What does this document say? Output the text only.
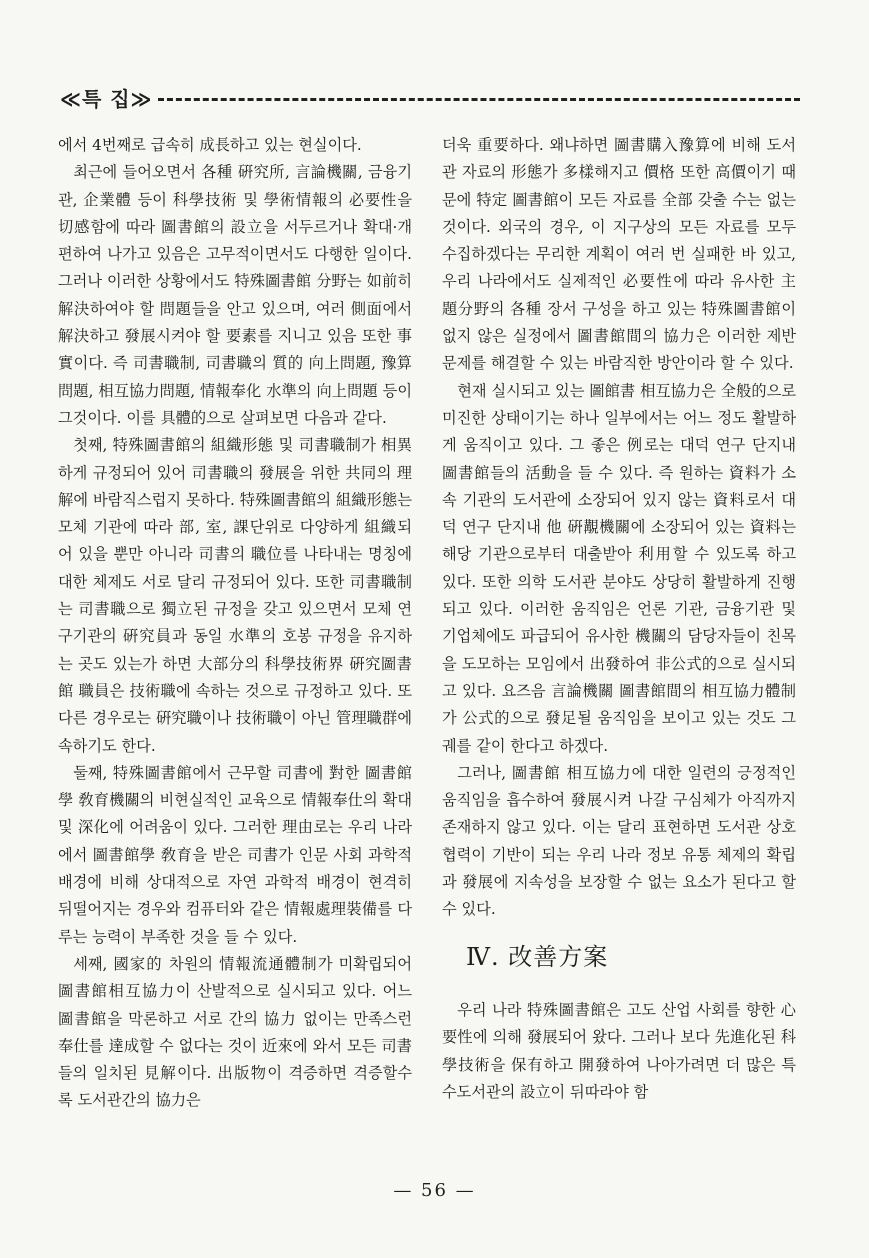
≪특 집≫

에서 4번째로 급속히 成長하고 있는 현실이다.

최근에 들어오면서 各種 硏究所, 言論機關, 금융기관, 企業體 등이 科學技術 및 學術情報의 必要性을 切感함에 따라 圖書館의 設立을 서두르거나 확대·개편하여 나가고 있음은 고무적이면서도 다행한 일이다. 그러나 이러한 상황에서도 特殊圖書館 分野는 如前히 解決하여야 할 問題들을 안고 있으며, 여러 側面에서 解決하고 發展시켜야 할 要素를 지니고 있음 또한 事實이다. 즉 司書職制, 司書職의 質的 向上問題, 豫算問題, 相互協力問題, 情報奉化 水準의 向上問題 등이 그것이다. 이를 具體的으로 살펴보면 다음과 같다.

첫째, 特殊圖書館의 組織形態 및 司書職制가 相異하게 규정되어 있어 司書職의 發展을 위한 共同의 理解에 바람직스럽지 못하다. 特殊圖書館의 組織形態는 모체 기관에 따라 部, 室, 課단위로 다양하게 組織되어 있을 뿐만 아니라 司書의 職位를 나타내는 명칭에 대한 체제도 서로 달리 규정되어 있다. 또한 司書職制는 司書職으로 獨立된 규정을 갖고 있으면서 모체 연구기관의 硏究員과 동일 水準의 호봉 규정을 유지하는 곳도 있는가 하면 大部分의 科學技術界 硏究圖書館 職員은 技術職에 속하는 것으로 규정하고 있다. 또 다른 경우로는 硏究職이나 技術職이 아닌 管理職群에 속하기도 한다.

둘째, 特殊圖書館에서 근무할 司書에 對한 圖書館學 敎育機關의 비현실적인 교육으로 情報奉仕의 확대 및 深化에 어려움이 있다. 그러한 理由로는 우리 나라에서 圖書館學 敎育을 받은 司書가 인문 사회 과학적 배경에 비해 상대적으로 자연 과학적 배경이 현격히 뒤떨어지는 경우와 컴퓨터와 같은 情報處理裝備를 다루는 능력이 부족한 것을 들 수 있다.

세째, 國家的 차원의 情報流通體制가 미확립되어 圖書館相互協力이 산발적으로 실시되고 있다. 어느 圖書館을 막론하고 서로 간의 協力 없이는 만족스런 奉仕를 達成할 수 없다는 것이 近來에 와서 모든 司書들의 일치된 見解이다. 出版物이 격증하면 격증할수록 도서관간의 協力은

더욱 重要하다. 왜냐하면 圖書購入豫算에 비해 도서관 자료의 形態가 多樣해지고 價格 또한 高價이기 때문에 特定 圖書館이 모든 자료를 全部 갖출 수는 없는 것이다. 외국의 경우, 이 지구상의 모든 자료를 모두 수집하겠다는 무리한 계획이 여러 번 실패한 바 있고, 우리 나라에서도 실제적인 必要性에 따라 유사한 主題分野의 各種 장서 구성을 하고 있는 特殊圖書館이 없지 않은 실정에서 圖書館間의 協力은 이러한 제반 문제를 해결할 수 있는 바람직한 방안이라 할 수 있다.

현재 실시되고 있는 圖館書 相互協力은 全般的으로 미진한 상태이기는 하나 일부에서는 어느 정도 활발하게 움직이고 있다. 그 좋은 例로는 대덕 연구 단지내 圖書館들의 活動을 들 수 있다. 즉 원하는 資料가 소속 기관의 도서관에 소장되어 있지 않는 資料로서 대덕 연구 단지내 他 硏覯機關에 소장되어 있는 資料는 해당 기관으로부터 대출받아 利用할 수 있도록 하고 있다. 또한 의학 도서관 분야도 상당히 활발하게 진행되고 있다. 이러한 움직임은 언론 기관, 금융기관 및 기업체에도 파급되어 유사한 機關의 담당자들이 친목을 도모하는 모임에서 出發하여 非公式的으로 실시되고 있다. 요즈음 言論機關 圖書館間의 相互協力體制가 公式的으로 發足될 움직임을 보이고 있는 것도 그 궤를 같이 한다고 하겠다.

그러나, 圖書館 相互協力에 대한 일련의 긍정적인 움직임을 흡수하여 發展시켜 나갈 구심체가 아직까지 존재하지 않고 있다. 이는 달리 표현하면 도서관 상호 협력이 기반이 되는 우리 나라 정보 유통 체제의 확립과 發展에 지속성을 보장할 수 없는 요소가 된다고 할 수 있다.

Ⅳ. 改善方案

우리 나라 特殊圖書館은 고도 산업 사회를 향한 心要性에 의해 發展되어 왔다. 그러나 보다 先進化된 科學技術을 保有하고 開發하여 나아가려면 더 많은 특수도서관의 設立이 뒤따라야 함

— 56 —
